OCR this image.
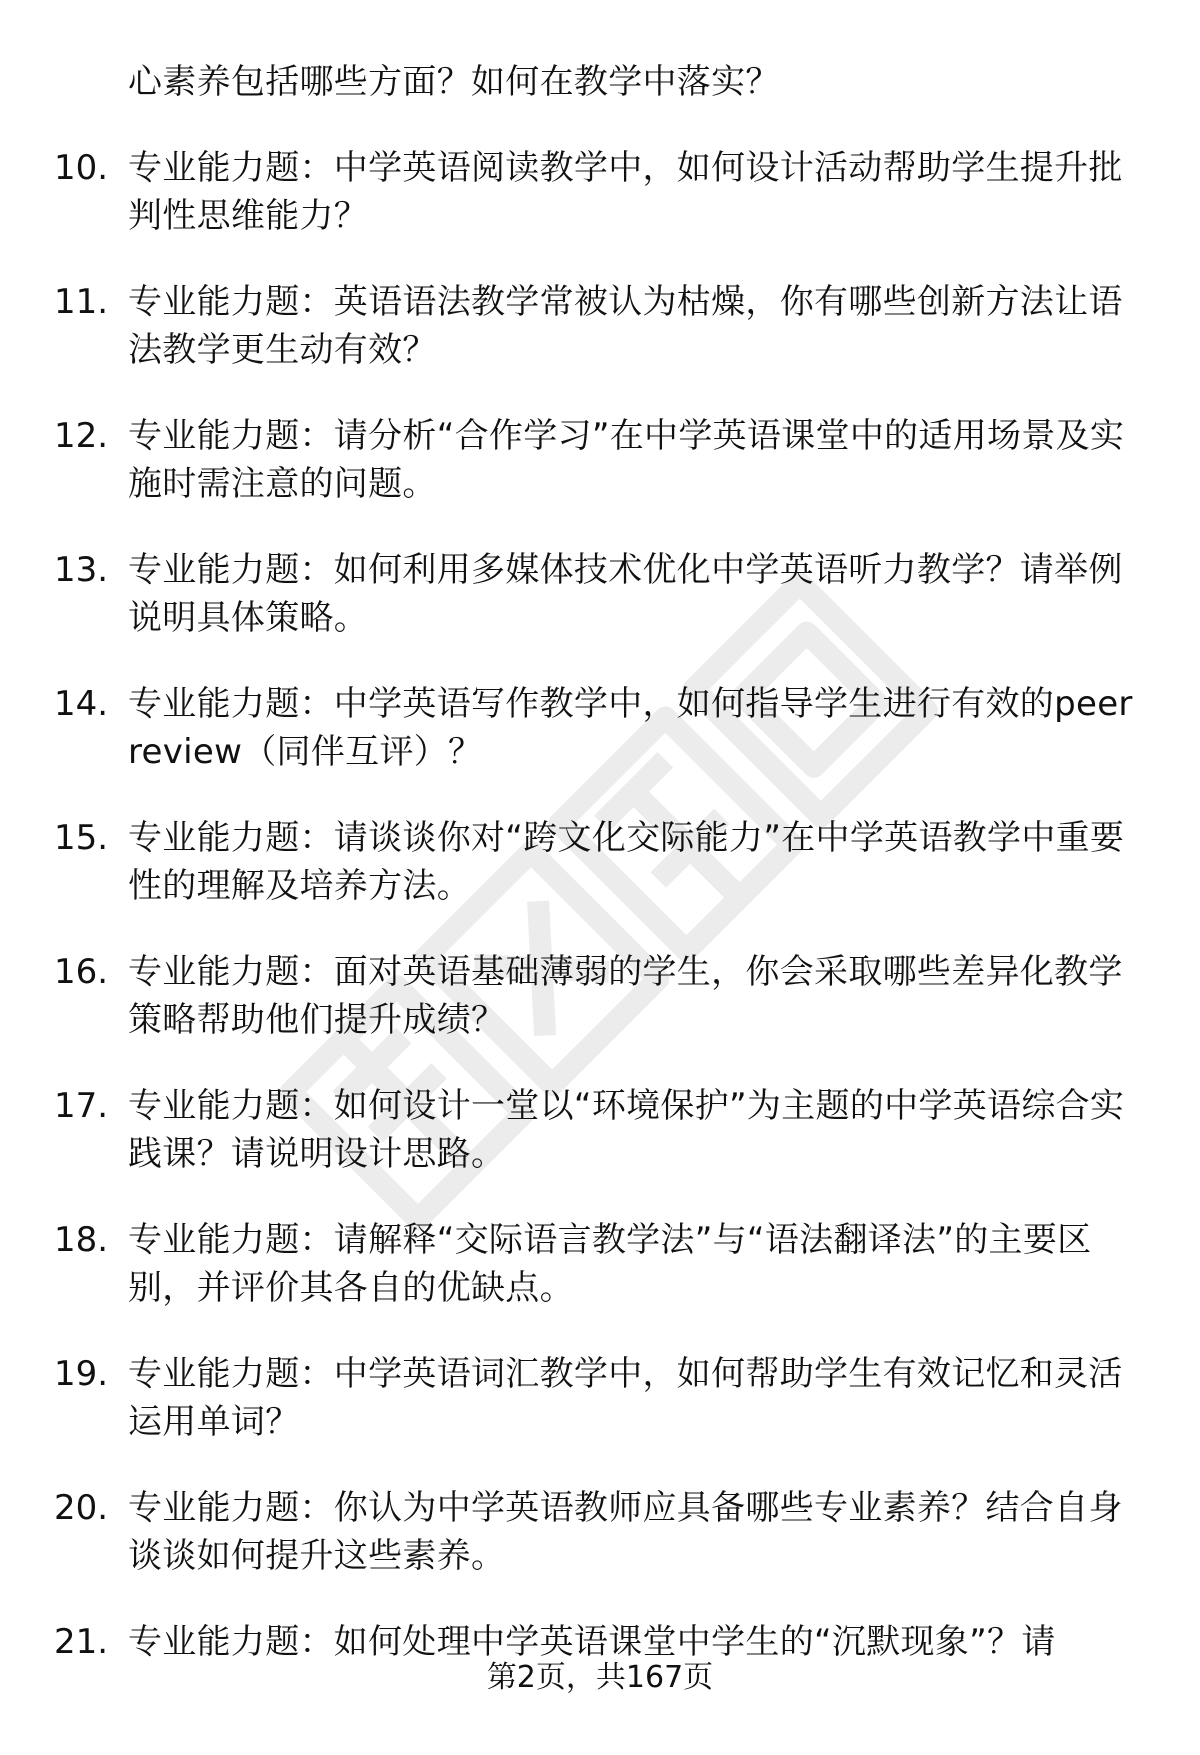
心素养包括哪些方面？如何在教学中落实？

10. 专业能力题：中学英语阅读教学中，如何设计活动帮助学生提升批判性思维能力？
11. 专业能力题：英语语法教学常被认为枯燥，你有哪些创新方法让语法教学更生动有效？
12. 专业能力题：请分析“合作学习”在中学英语课堂中的适用场景及实施时需注意的问题。
13. 专业能力题：如何利用多媒体技术优化中学英语听力教学？请举例说明具体策略。
14. 专业能力题：中学英语写作教学中，如何指导学生进行有效的peer review（同伴互评）？
15. 专业能力题：请谈谈你对“跨文化交际能力”在中学英语教学中重要性的理解及培养方法。
16. 专业能力题：面对英语基础薄弱的学生，你会采取哪些差异化教学策略帮助他们提升成绩？
17. 专业能力题：如何设计一堂以“环境保护”为主题的中学英语综合实践课？请说明设计思路。
18. 专业能力题：请解释“交际语言教学法”与“语法翻译法”的主要区别，并评价其各自的优缺点。
19. 专业能力题：中学英语词汇教学中，如何帮助学生有效记忆和灵活运用单词？
20. 专业能力题：你认为中学英语教师应具备哪些专业素养？结合自身谈谈如何提升这些素养。
21. 专业能力题：如何处理中学英语课堂中学生的“沉默现象”？请
第2页，共167页
